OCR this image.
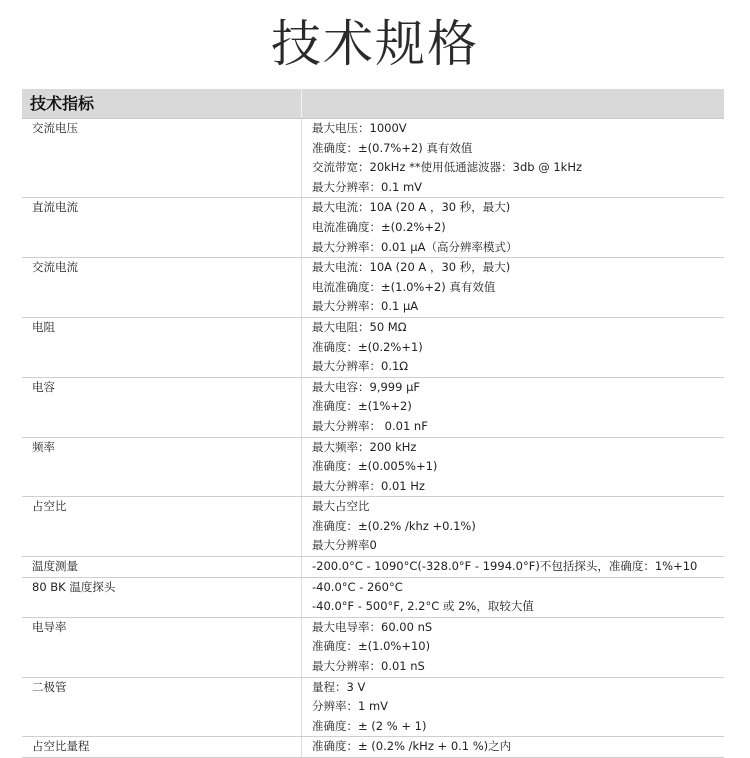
技术规格
技术指标
交流电压	最大电压：1000V
准确度：±(0.7%+2) 真有效值
交流带宽：20kHz **使用低通滤波器：3db @ 1kHz
最大分辨率：0.1 mV
直流电流	最大电流：10A (20 A ，30 秒，最大)
电流准确度：±(0.2%+2)
最大分辨率：0.01 µA（高分辨率模式）
交流电流	最大电流：10A (20 A ，30 秒，最大)
电流准确度：±(1.0%+2) 真有效值
最大分辨率：0.1 µA
电阻	最大电阻：50 MΩ
准确度：±(0.2%+1)
最大分辨率：0.1Ω
电容	最大电容：9,999 µF
准确度：±(1%+2)
最大分辨率： 0.01 nF
频率	最大频率：200 kHz
准确度：±(0.005%+1)
最大分辨率：0.01 Hz
占空比	最大占空比
准确度：±(0.2% /khz +0.1%)
最大分辨率0
温度测量	-200.0°C - 1090°C(-328.0°F - 1994.0°F)不包括探头，准确度：1%+10
80 BK 温度探头	-40.0°C - 260°C
-40.0°F - 500°F, 2.2°C 或 2%，取较大值
电导率	最大电导率：60.00 nS
准确度：±(1.0%+10)
最大分辨率：0.01 nS
二极管	量程：3 V
分辨率：1 mV
准确度：± (2 % + 1)
占空比量程	准确度：± (0.2% /kHz + 0.1 %)之内
